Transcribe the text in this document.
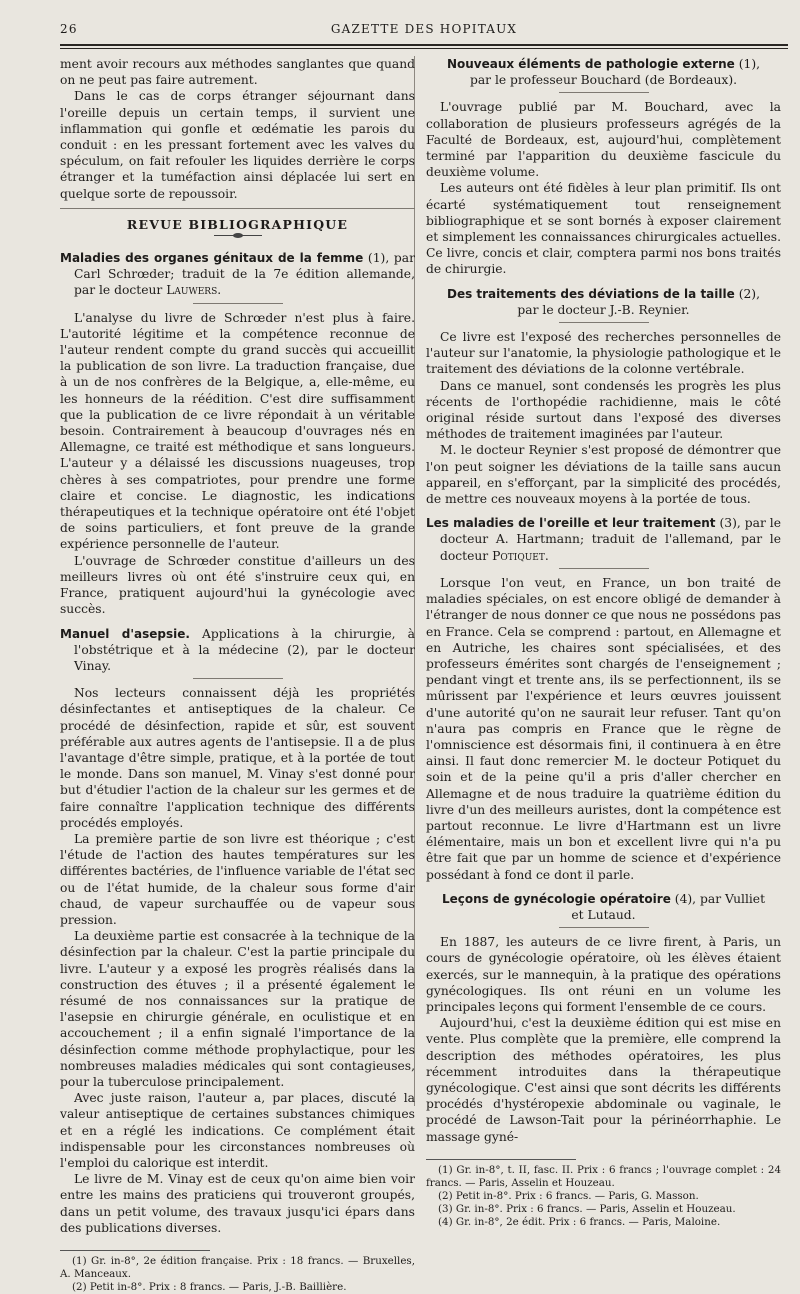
26	GAZETTE DES HOPITAUX

ment avoir recours aux méthodes sanglantes que quand on ne peut pas faire autrement.

Dans le cas de corps étranger séjournant dans l'oreille depuis un certain temps, il survient une inflammation qui gonfle et œdématie les parois du conduit : en les pressant fortement avec les valves du spéculum, on fait refouler les liquides derrière le corps étranger et la tuméfaction ainsi déplacée lui sert en quelque sorte de repoussoir.

REVUE BIBLIOGRAPHIQUE

Maladies des organes génitaux de la femme (1), par Carl Schrœder; traduit de la 7e édition allemande, par le docteur Lauwers.

L'analyse du livre de Schrœder n'est plus à faire. L'autorité légitime et la compétence reconnue de l'auteur rendent compte du grand succès qui accueillit la publication de son livre. La traduction française, due à un de nos confrères de la Belgique, a, elle-même, eu les honneurs de la réédition. C'est dire suffisamment que la publication de ce livre répondait à un véritable besoin. Contrairement à beaucoup d'ouvrages nés en Allemagne, ce traité est méthodique et sans longueurs. L'auteur y a délaissé les discussions nuageuses, trop chères à ses compatriotes, pour prendre une forme claire et concise. Le diagnostic, les indications thérapeutiques et la technique opératoire ont été l'objet de soins particuliers, et font preuve de la grande expérience personnelle de l'auteur.

L'ouvrage de Schrœder constitue d'ailleurs un des meilleurs livres où ont été s'instruire ceux qui, en France, pratiquent aujourd'hui la gynécologie avec succès.

Manuel d'asepsie. Applications à la chirurgie, à l'obstétrique et à la médecine (2), par le docteur Vinay.

Nos lecteurs connaissent déjà les propriétés désinfectantes et antiseptiques de la chaleur. Ce procédé de désinfection, rapide et sûr, est souvent préférable aux autres agents de l'antisepsie. Il a de plus l'avantage d'être simple, pratique, et à la portée de tout le monde. Dans son manuel, M. Vinay s'est donné pour but d'étudier l'action de la chaleur sur les germes et de faire connaître l'application technique des différents procédés employés.

La première partie de son livre est théorique ; c'est l'étude de l'action des hautes températures sur les différentes bactéries, de l'influence variable de l'état sec ou de l'état humide, de la chaleur sous forme d'air chaud, de vapeur surchauffée ou de vapeur sous pression.

La deuxième partie est consacrée à la technique de la désinfection par la chaleur. C'est la partie principale du livre. L'auteur y a exposé les progrès réalisés dans la construction des étuves ; il a présenté également le résumé de nos connaissances sur la pratique de l'asepsie en chirurgie générale, en oculistique et en accouchement ; il a enfin signalé l'importance de la désinfection comme méthode prophylactique, pour les nombreuses maladies médicales qui sont contagieuses, pour la tuberculose principalement.

Avec juste raison, l'auteur a, par places, discuté la valeur antiseptique de certaines substances chimiques et en a réglé les indications. Ce complément était indispensable pour les circonstances nombreuses où l'emploi du calorique est interdit.

Le livre de M. Vinay est de ceux qu'on aime bien voir entre les mains des praticiens qui trouveront groupés, dans un petit volume, des travaux jusqu'ici épars dans des publications diverses.

(1) Gr. in-8°, 2e édition française. Prix : 18 francs. — Bruxelles, A. Manceaux.

(2) Petit in-8°. Prix : 8 francs. — Paris, J.-B. Baillière.

Nouveaux éléments de pathologie externe (1),
par le professeur Bouchard (de Bordeaux).

L'ouvrage publié par M. Bouchard, avec la collaboration de plusieurs professeurs agrégés de la Faculté de Bordeaux, est, aujourd'hui, complètement terminé par l'apparition du deuxième fascicule du deuxième volume.

Les auteurs ont été fidèles à leur plan primitif. Ils ont écarté systématiquement tout renseignement bibliographique et se sont bornés à exposer clairement et simplement les connaissances chirurgicales actuelles. Ce livre, concis et clair, comptera parmi nos bons traités de chirurgie.

Des traitements des déviations de la taille (2),
par le docteur J.-B. Reynier.

Ce livre est l'exposé des recherches personnelles de l'auteur sur l'anatomie, la physiologie pathologique et le traitement des déviations de la colonne vertébrale.

Dans ce manuel, sont condensés les progrès les plus récents de l'orthopédie rachidienne, mais le côté original réside surtout dans l'exposé des diverses méthodes de traitement imaginées par l'auteur.

M. le docteur Reynier s'est proposé de démontrer que l'on peut soigner les déviations de la taille sans aucun appareil, en s'efforçant, par la simplicité des procédés, de mettre ces nouveaux moyens à la portée de tous.

Les maladies de l'oreille et leur traitement (3), par le docteur A. Hartmann; traduit de l'allemand, par le docteur Potiquet.

Lorsque l'on veut, en France, un bon traité de maladies spéciales, on est encore obligé de demander à l'étranger de nous donner ce que nous ne possédons pas en France. Cela se comprend : partout, en Allemagne et en Autriche, les chaires sont spécialisées, et des professeurs émérites sont chargés de l'enseignement ; pendant vingt et trente ans, ils se perfectionnent, ils se mûrissent par l'expérience et leurs œuvres jouissent d'une autorité qu'on ne saurait leur refuser. Tant qu'on n'aura pas compris en France que le règne de l'omniscience est désormais fini, il continuera à en être ainsi. Il faut donc remercier M. le docteur Potiquet du soin et de la peine qu'il a pris d'aller chercher en Allemagne et de nous traduire la quatrième édition du livre d'un des meilleurs auristes, dont la compétence est partout reconnue. Le livre d'Hartmann est un livre élémentaire, mais un bon et excellent livre qui n'a pu être fait que par un homme de science et d'expérience possédant à fond ce dont il parle.

Leçons de gynécologie opératoire (4), par Vulliet
et Lutaud.

En 1887, les auteurs de ce livre firent, à Paris, un cours de gynécologie opératoire, où les élèves étaient exercés, sur le mannequin, à la pratique des opérations gynécologiques. Ils ont réuni en un volume les principales leçons qui forment l'ensemble de ce cours.

Aujourd'hui, c'est la deuxième édition qui est mise en vente. Plus complète que la première, elle comprend la description des méthodes opératoires, les plus récemment introduites dans la thérapeutique gynécologique. C'est ainsi que sont décrits les différents procédés d'hystéropexie abdominale ou vaginale, le procédé de Lawson-Tait pour la périnéorrhaphie. Le massage gyné-

(1) Gr. in-8°, t. II, fasc. II. Prix : 6 francs ; l'ouvrage complet : 24 francs. — Paris, Asselin et Houzeau.

(2) Petit in-8°. Prix : 6 francs. — Paris, G. Masson.

(3) Gr. in-8°. Prix : 6 francs. — Paris, Asselin et Houzeau.

(4) Gr. in-8°, 2e édit. Prix : 6 francs. — Paris, Maloine.
